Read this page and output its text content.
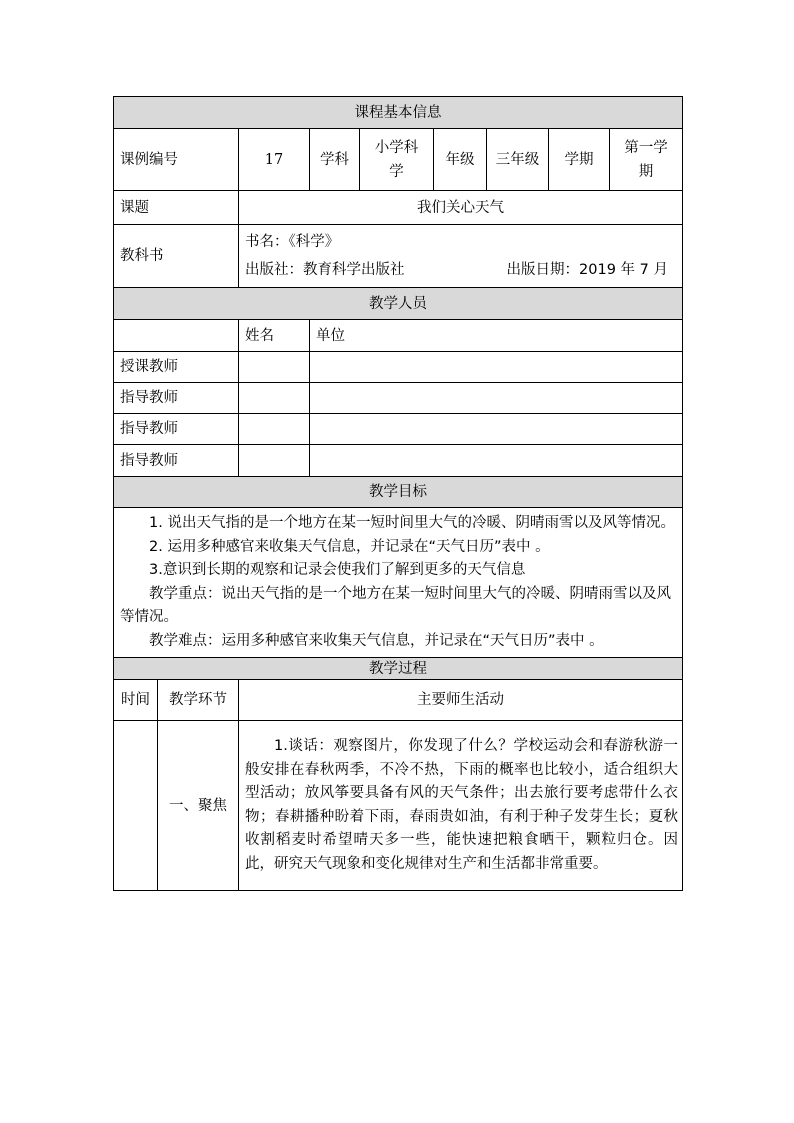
课程基本信息								
课例编号		17	学科	小学科学	年级	三年级	学期	第一学期
课题		我们关心天气						
教科书		书名：《科学》
出版社：教育科学出版社 出版日期：2019 年 7 月						

教学人员								
		姓名	单位					
授课教师								
指导教师								
指导教师								
指导教师								
教学目标								

1. 说出天气指的是一个地方在某一短时间里大气的冷暖、阴晴雨雪以及风等情况。
2. 运用多种感官来收集天气信息，并记录在“天气日历”表中 。
3.意识到长期的观察和记录会使我们了解到更多的天气信息
教学重点：说出天气指的是一个地方在某一短时间里大气的冷暖、阴晴雨雪以及风等情况。
教学难点：运用多种感官来收集天气信息，并记录在“天气日历”表中 。								

教学过程								
时间	教学环节	主要师生活动						
	一、聚焦	1.谈话：观察图片，你发现了什么？学校运动会和春游秋游一般安排在春秋两季，不冷不热，下雨的概率也比较小，适合组织大型活动；放风筝要具备有风的天气条件；出去旅行要考虑带什么衣物；春耕播种盼着下雨，春雨贵如油，有利于种子发芽生长；夏秋收割稻麦时希望晴天多一些，能快速把粮食晒干，颗粒归仓。因此，研究天气现象和变化规律对生产和生活都非常重要。						
